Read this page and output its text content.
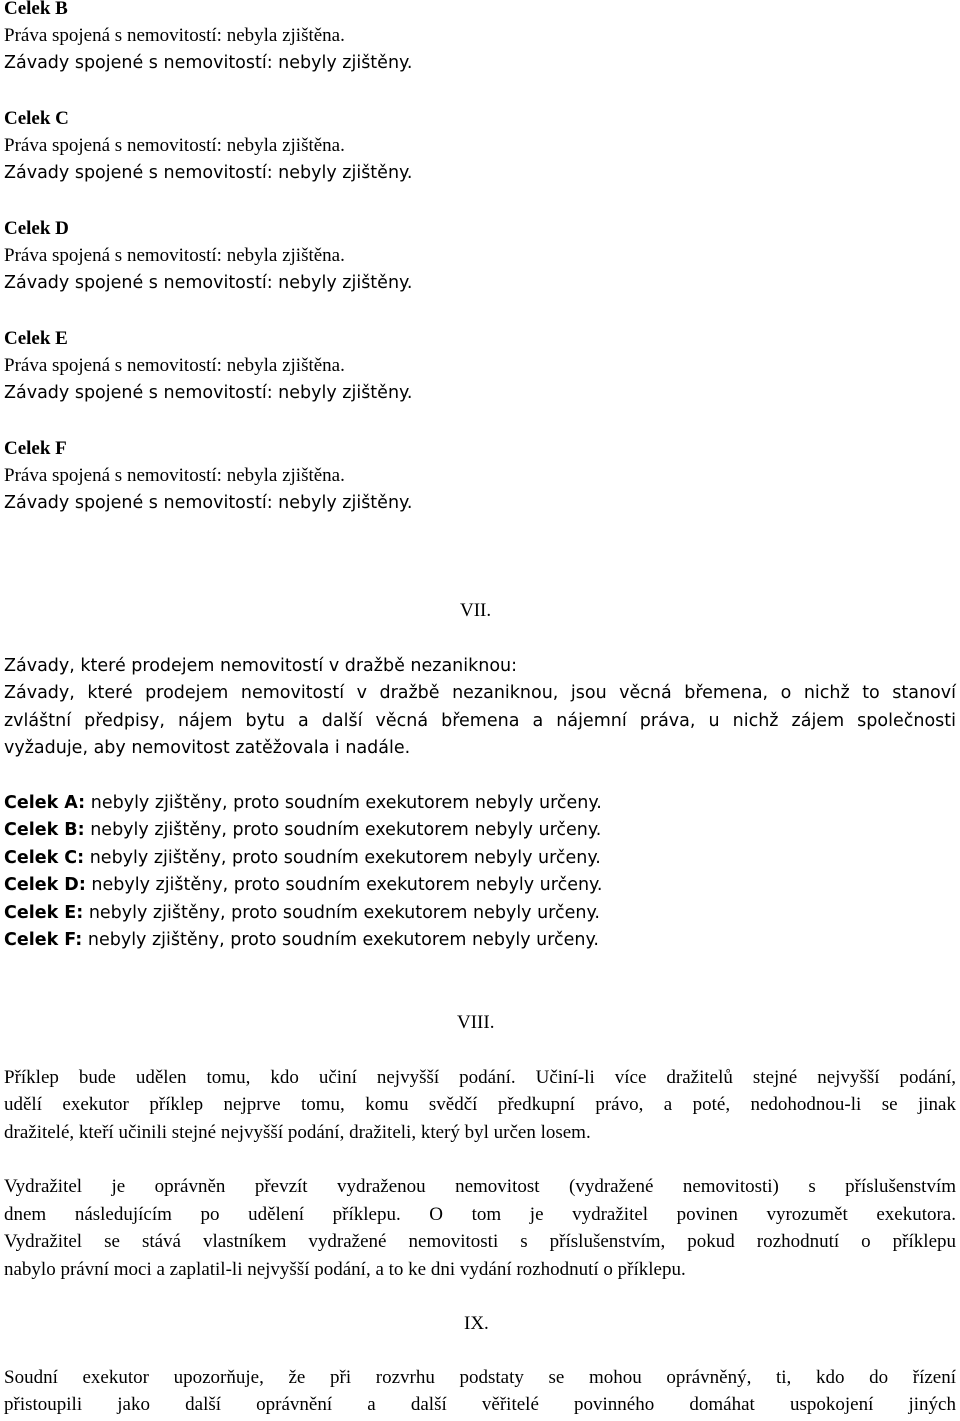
Celek B
Práva spojená s nemovitostí: nebyla zjištěna.
Závady spojené s nemovitostí: nebyly zjištěny.
Celek C
Práva spojená s nemovitostí: nebyla zjištěna.
Závady spojené s nemovitostí: nebyly zjištěny.
Celek D
Práva spojená s nemovitostí: nebyla zjištěna.
Závady spojené s nemovitostí: nebyly zjištěny.
Celek E
Práva spojená s nemovitostí: nebyla zjištěna.
Závady spojené s nemovitostí: nebyly zjištěny.
Celek F
Práva spojená s nemovitostí: nebyla zjištěna.
Závady spojené s nemovitostí: nebyly zjištěny.
VII.
Závady, které prodejem nemovitostí v dražbě nezaniknou:
Závady, které prodejem nemovitostí v dražbě nezaniknou, jsou věcná břemena, o nichž to stanoví
zvláštní předpisy, nájem bytu a další věcná břemena a nájemní práva, u nichž zájem společnosti
vyžaduje, aby nemovitost zatěžovala i nadále.
Celek A: nebyly zjištěny, proto soudním exekutorem nebyly určeny.
Celek B: nebyly zjištěny, proto soudním exekutorem nebyly určeny.
Celek C: nebyly zjištěny, proto soudním exekutorem nebyly určeny.
Celek D: nebyly zjištěny, proto soudním exekutorem nebyly určeny.
Celek E: nebyly zjištěny, proto soudním exekutorem nebyly určeny.
Celek F: nebyly zjištěny, proto soudním exekutorem nebyly určeny.
VIII.
Příklep bude udělen tomu, kdo učiní nejvyšší podání. Učiní-li více dražitelů stejné nejvyšší podání,
udělí exekutor příklep nejprve tomu, komu svědčí předkupní právo, a poté, nedohodnou-li se jinak
dražitelé, kteří učinili stejné nejvyšší podání, dražiteli, který byl určen losem.
Vydražitel je oprávněn převzít vydraženou nemovitost (vydražené nemovitosti) s příslušenstvím
dnem následujícím po udělení příklepu. O tom je vydražitel povinen vyrozumět exekutora.
Vydražitel se stává vlastníkem vydražené nemovitosti s příslušenstvím, pokud rozhodnutí o příklepu
nabylo právní moci a zaplatil-li nejvyšší podání, a to ke dni vydání rozhodnutí o příklepu.
IX.
Soudní exekutor upozorňuje, že při rozvrhu podstaty se mohou oprávněný, ti, kdo do řízení
přistoupili jako další oprávnění a další věřitelé povinného domáhat uspokojení jiných
